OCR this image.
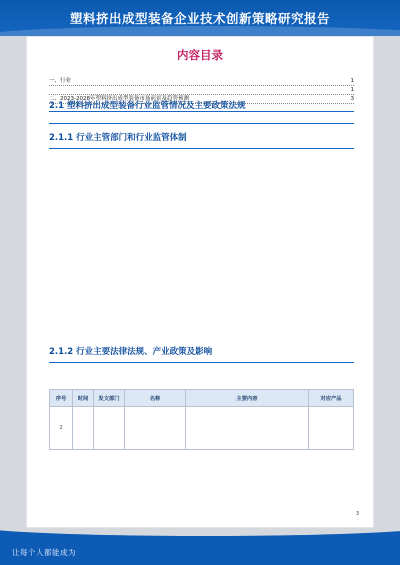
塑料挤出成型装备企业技术创新策略研究报告
内容目录
一、行业	1
1
二、2023-2028年塑料挤出成型装备市场前景及趋势预测	3
2.1 塑料挤出成型装备行业监管情况及主要政策法规
2.1.1 行业主管部门和行业监管体制
2.1.2 行业主要法律法规、产业政策及影响
序号	时间	发文部门	名称	主要内容	对应产品
2					
3
让每个人都能成为
